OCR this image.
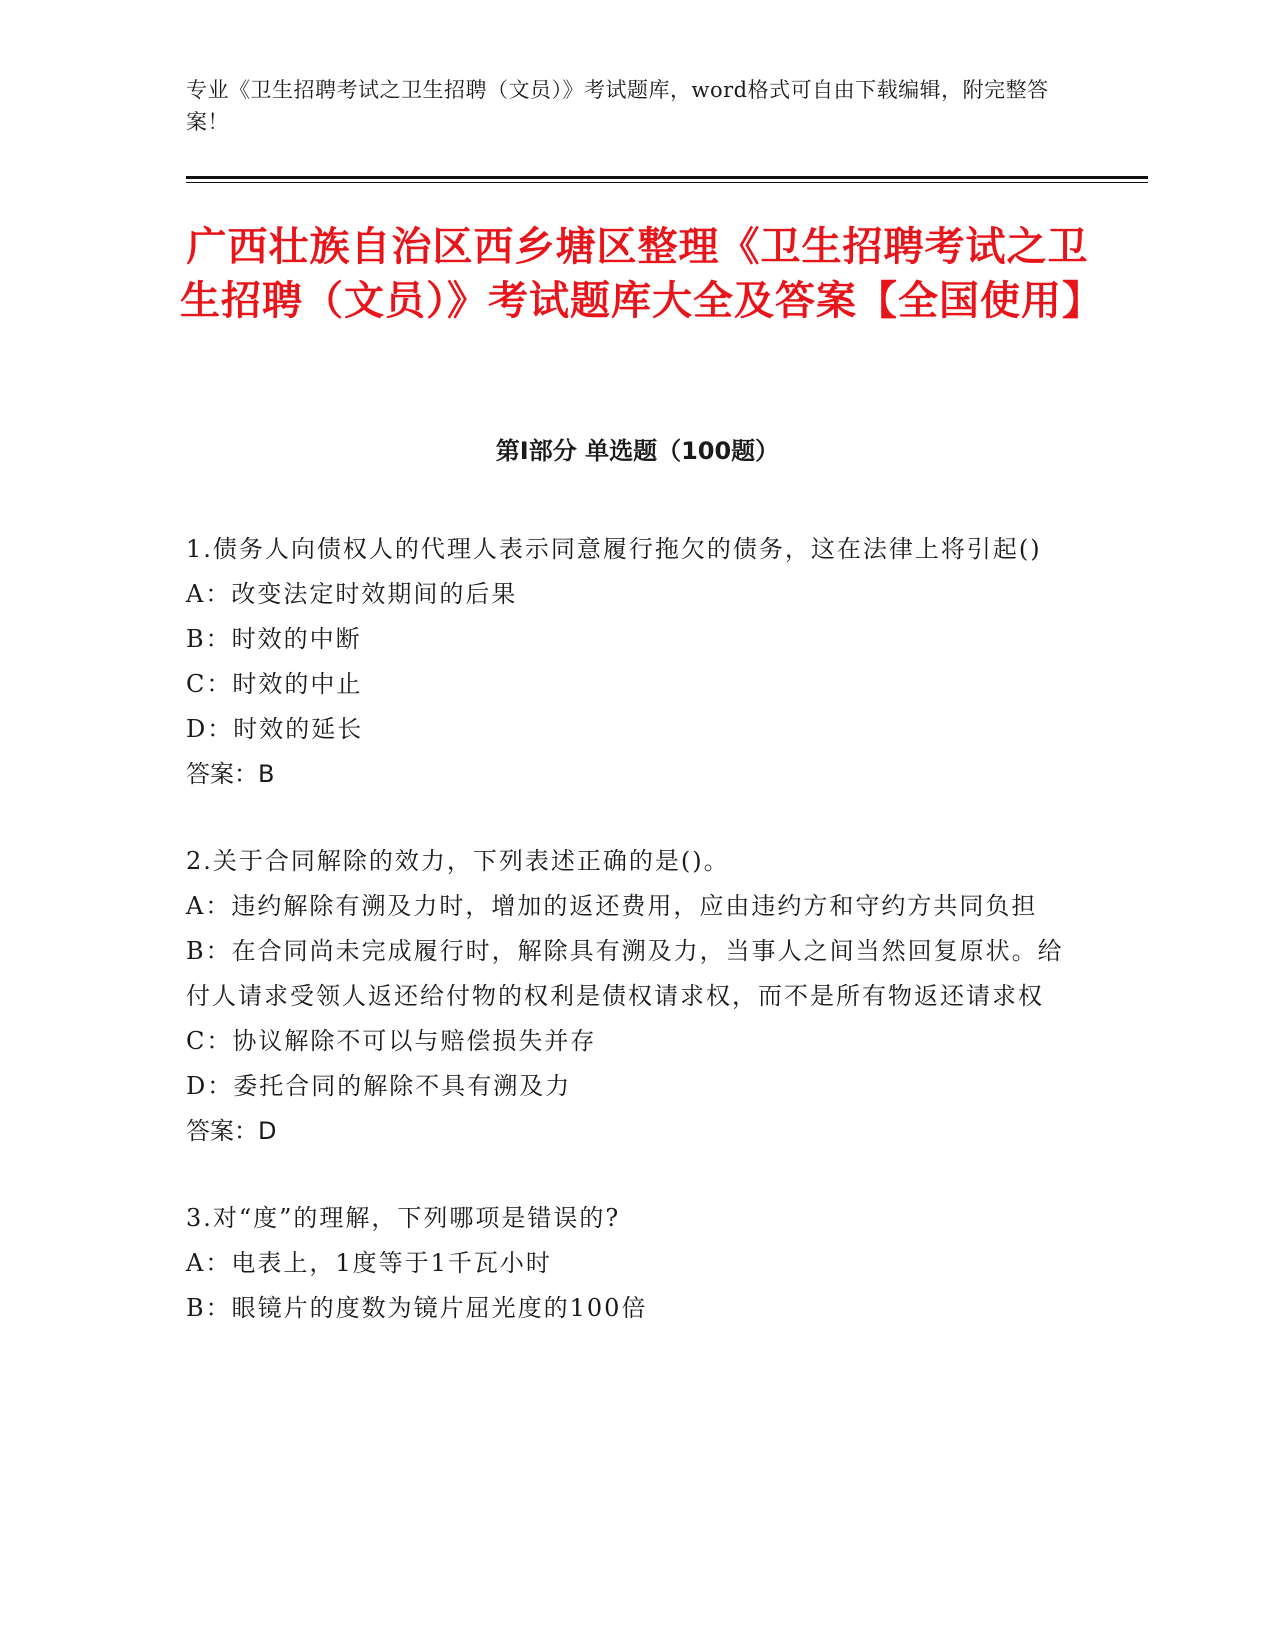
专业《卫生招聘考试之卫生招聘（文员）》考试题库，word格式可自由下载编辑，附完整答案！

广西壮族自治区西乡塘区整理《卫生招聘考试之卫生招聘（文员）》考试题库大全及答案【全国使用】
第Ⅰ部分 单选题（100题）

1.债务人向债权人的代理人表示同意履行拖欠的债务，这在法律上将引起()

A：改变法定时效期间的后果

B：时效的中断

C：时效的中止

D：时效的延长

答案：B

2.关于合同解除的效力，下列表述正确的是()。

A：违约解除有溯及力时，增加的返还费用，应由违约方和守约方共同负担

B：在合同尚未完成履行时，解除具有溯及力，当事人之间当然回复原状。给付人请求受领人返还给付物的权利是债权请求权，而不是所有物返还请求权

C：协议解除不可以与赔偿损失并存

D：委托合同的解除不具有溯及力

答案：D

3.对“度”的理解，下列哪项是错误的?

A：电表上，1度等于1千瓦小时

B：眼镜片的度数为镜片屈光度的100倍
